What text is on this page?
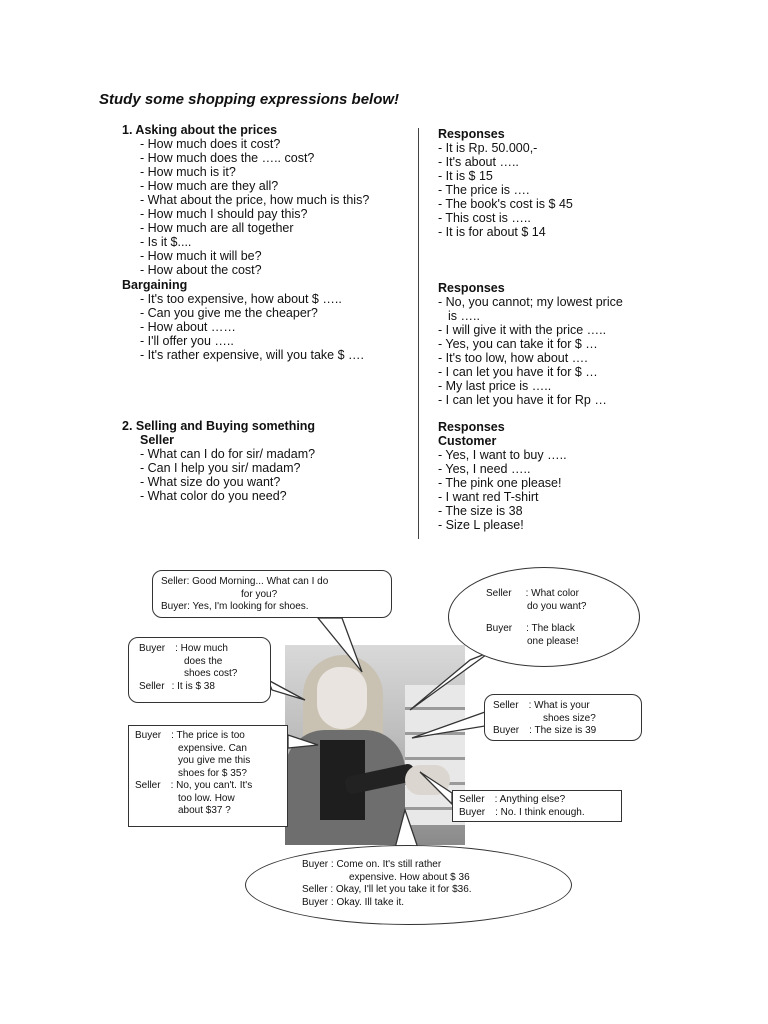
Study some shopping expressions below!
1. Asking about the prices
- How much does it cost?
- How much does the ….. cost?
- How much is it?
- How much are they all?
- What about the price, how much is this?
- How much I should pay this?
- How much are all together
- Is it $....
- How much it will be?
- How about the cost?
Bargaining
- It's too expensive, how about $ …..
- Can you give me the cheaper?
- How about ……
- I'll offer you …..
- It's rather expensive, will you take $ ….
2. Selling and Buying something
Seller
- What can I do for sir/ madam?
- Can I help you sir/ madam?
- What size do you want?
- What color do you need?
Responses
- It is Rp. 50.000,-
- It's about …..
- It is $ 15
- The price is ….
- The book's cost is $ 45
- This cost is …..
- It is for about $ 14
Responses
- No, you cannot; my lowest price
is …..
- I will give it with the price …..
- Yes, you can take it for $ …
- It's too low, how about ….
- I can let you have it for $ …
- My last price is …..
- I can let you have it for Rp …
Responses
Customer
- Yes, I want to buy …..
- Yes, I need …..
- The pink one please!
- I want red T-shirt
- The size is 38
- Size L please!
Seller: Good Morning... What can I do
for you?
Buyer: Yes, I'm looking for shoes.
Seller : What color
do you want?
Buyer : The black
one please!
Buyer : How much
does the
shoes cost?
Seller : It is $ 38
Seller : What is your
shoes size?
Buyer : The size is 39
Buyer : The price is too
expensive. Can
you give me this
shoes for $ 35?
Seller : No, you can't. It's
too low. How
about $37 ?
Seller : Anything else?
Buyer : No. I think enough.
Buyer : Come on. It's still rather
expensive. How about $ 36
Seller : Okay, I'll let you take it for $36.
Buyer : Okay. Ill take it.
